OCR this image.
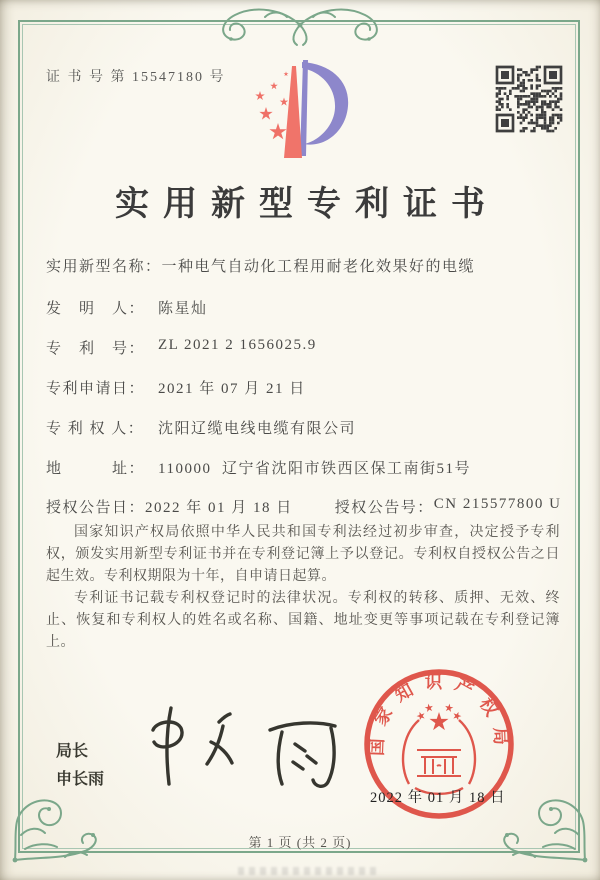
证 书 号 第 15547180 号
实用新型专利证书
实用新型名称： 一种电气自动化工程用耐老化效果好的电缆
发　明　人： 陈星灿
专　利　号： ZL 2021 2 1656025.9
专利申请日： 2021 年 07 月 21 日
专 利 权 人： 沈阳辽缆电线电缆有限公司
地　　　址： 110000  辽宁省沈阳市铁西区保工南街51号
授权公告日： 2022 年 01 月 18 日	授权公告号： CN 215577800 U

国家知识产权局依照中华人民共和国专利法经过初步审查，决定授予专利权，颁发实用新型专利证书并在专利登记簿上予以登记。专利权自授权公告之日起生效。专利权期限为十年，自申请日起算。

专利证书记载专利权登记时的法律状况。专利权的转移、质押、无效、终止、恢复和专利权人的姓名或名称、国籍、地址变更等事项记载在专利登记簿上。

局长
申长雨
国家知识产权局
2022 年 01 月 18 日
第 1 页 (共 2 页)
